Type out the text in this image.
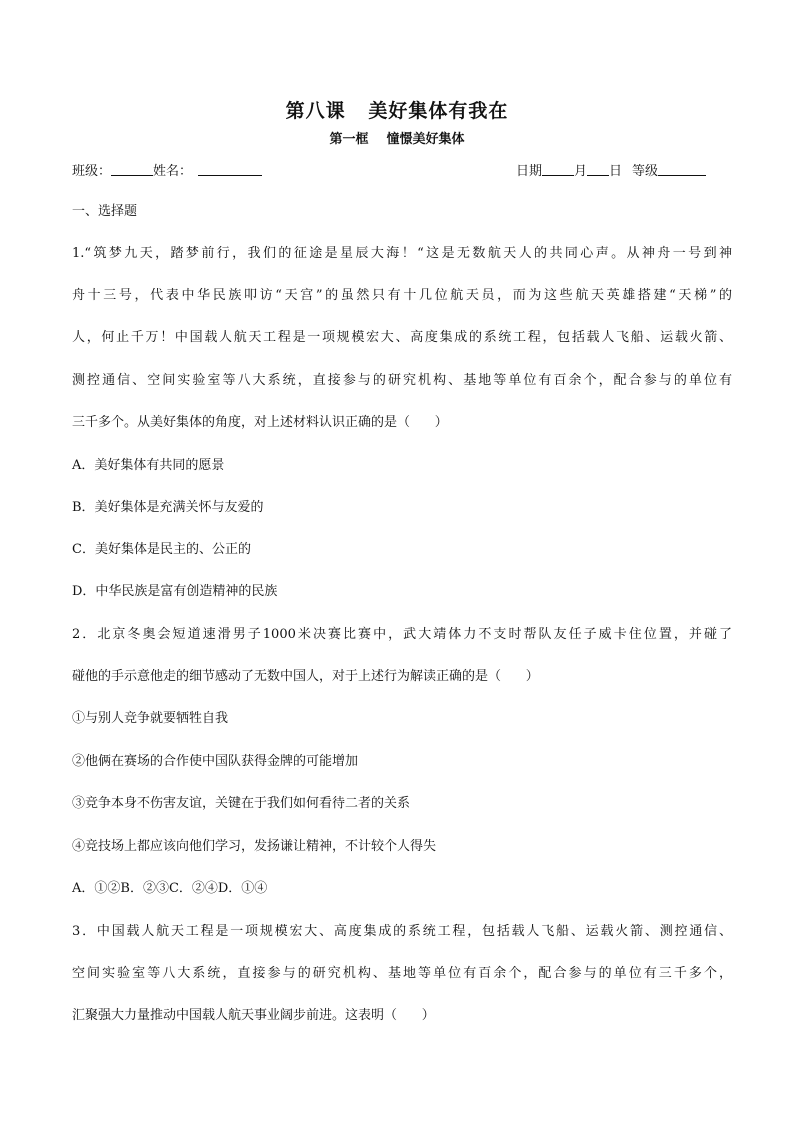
第八课   美好集体有我在
第一框    憧憬美好集体
班级：	姓名：	日期 月 日 等级
一、选择题
1.“筑梦九天，踏梦前行，我们的征途是星辰大海！“这是无数航天人的共同心声。从神舟一号到神
舟十三号，代表中华民族叩访“天宫”的虽然只有十几位航天员，而为这些航天英雄搭建“天梯”的
人，何止千万！中国载人航天工程是一项规模宏大、高度集成的系统工程，包括载人飞船、运载火箭、
测控通信、空间实验室等八大系统，直接参与的研究机构、基地等单位有百余个，配合参与的单位有
三千多个。从美好集体的角度，对上述材料认识正确的是（      ）
A．美好集体有共同的愿景
B．美好集体是充满关怀与友爱的
C．美好集体是民主的、公正的
D．中华民族是富有创造精神的民族
2．北京冬奥会短道速滑男子1000米决赛比赛中，武大靖体力不支时帮队友任子威卡住位置，并碰了
碰他的手示意他走的细节感动了无数中国人，对于上述行为解读正确的是（      ）
①与别人竞争就要牺牲自我
②他俩在赛场的合作使中国队获得金牌的可能增加
③竞争本身不伤害友谊，关键在于我们如何看待二者的关系
④竞技场上都应该向他们学习，发扬谦让精神，不计较个人得失
A．①②B．②③C．②④D．①④
3．中国载人航天工程是一项规模宏大、高度集成的系统工程，包括载人飞船、运载火箭、测控通信、
空间实验室等八大系统，直接参与的研究机构、基地等单位有百余个，配合参与的单位有三千多个，
汇聚强大力量推动中国载人航天事业阔步前进。这表明（      ）
